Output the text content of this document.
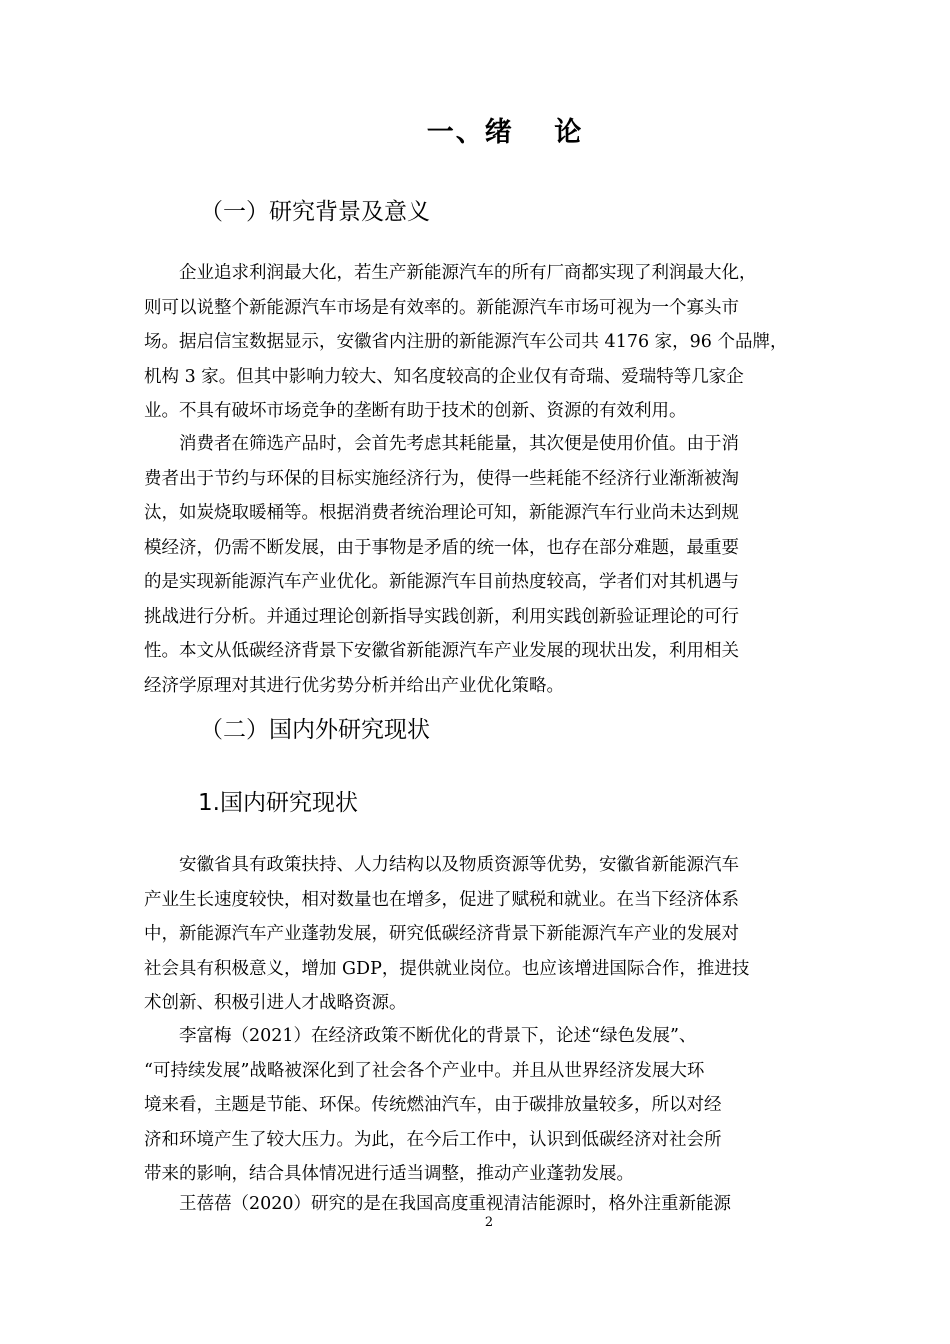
一、绪　 论
（一）研究背景及意义
　　企业追求利润最大化，若生产新能源汽车的所有厂商都实现了利润最大化，
则可以说整个新能源汽车市场是有效率的。新能源汽车市场可视为一个寡头市
场。据启信宝数据显示，安徽省内注册的新能源汽车公司共 4176 家，96 个品牌，
机构 3 家。但其中影响力较大、知名度较高的企业仅有奇瑞、爱瑞特等几家企
业。不具有破坏市场竞争的垄断有助于技术的创新、资源的有效利用。
　　消费者在筛选产品时，会首先考虑其耗能量，其次便是使用价值。由于消
费者出于节约与环保的目标实施经济行为，使得一些耗能不经济行业渐渐被淘
汰，如炭烧取暖桶等。根据消费者统治理论可知，新能源汽车行业尚未达到规
模经济，仍需不断发展，由于事物是矛盾的统一体，也存在部分难题，最重要
的是实现新能源汽车产业优化。新能源汽车目前热度较高，学者们对其机遇与
挑战进行分析。并通过理论创新指导实践创新，利用实践创新验证理论的可行
性。本文从低碳经济背景下安徽省新能源汽车产业发展的现状出发，利用相关
经济学原理对其进行优劣势分析并给出产业优化策略。
（二）国内外研究现状
1.国内研究现状
　　安徽省具有政策扶持、人力结构以及物质资源等优势，安徽省新能源汽车
产业生长速度较快，相对数量也在增多，促进了赋税和就业。在当下经济体系
中，新能源汽车产业蓬勃发展，研究低碳经济背景下新能源汽车产业的发展对
社会具有积极意义，增加 GDP，提供就业岗位。也应该增进国际合作，推进技
术创新、积极引进人才战略资源。
　　李富梅（2021）在经济政策不断优化的背景下，论述“绿色发展”、
“可持续发展”战略被深化到了社会各个产业中。并且从世界经济发展大环
境来看，主题是节能、环保。传统燃油汽车，由于碳排放量较多，所以对经
济和环境产生了较大压力。为此，在今后工作中，认识到低碳经济对社会所
带来的影响，结合具体情况进行适当调整，推动产业蓬勃发展。
　　王蓓蓓（2020）研究的是在我国高度重视清洁能源时，格外注重新能源

2
